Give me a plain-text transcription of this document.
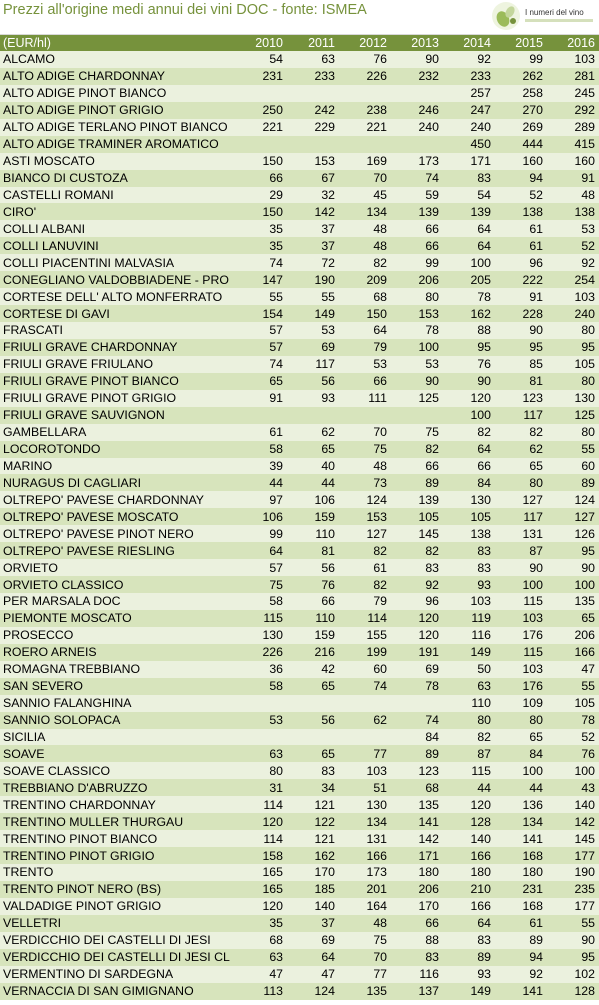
Prezzi all'origine medi annui dei vini DOC - fonte: ISMEA	I numeri del vino
(EUR/hl)	2010	2011	2012	2013	2014	2015	2016
ALCAMO	54	63	76	90	92	99	103
ALTO ADIGE CHARDONNAY	231	233	226	232	233	262	281
ALTO ADIGE PINOT BIANCO					257	258	245
ALTO ADIGE PINOT GRIGIO	250	242	238	246	247	270	292
ALTO ADIGE TERLANO PINOT BIANCO	221	229	221	240	240	269	289
ALTO ADIGE TRAMINER AROMATICO					450	444	415
ASTI MOSCATO	150	153	169	173	171	160	160
BIANCO DI CUSTOZA	66	67	70	74	83	94	91
CASTELLI ROMANI	29	32	45	59	54	52	48
CIRO'	150	142	134	139	139	138	138
COLLI ALBANI	35	37	48	66	64	61	53
COLLI LANUVINI	35	37	48	66	64	61	52
COLLI PIACENTINI MALVASIA	74	72	82	99	100	96	92
CONEGLIANO VALDOBBIADENE - PRO	147	190	209	206	205	222	254
CORTESE DELL' ALTO MONFERRATO	55	55	68	80	78	91	103
CORTESE DI GAVI	154	149	150	153	162	228	240
FRASCATI	57	53	64	78	88	90	80
FRIULI GRAVE CHARDONNAY	57	69	79	100	95	95	95
FRIULI GRAVE FRIULANO	74	117	53	53	76	85	105
FRIULI GRAVE PINOT BIANCO	65	56	66	90	90	81	80
FRIULI GRAVE PINOT GRIGIO	91	93	111	125	120	123	130
FRIULI GRAVE SAUVIGNON					100	117	125
GAMBELLARA	61	62	70	75	82	82	80
LOCOROTONDO	58	65	75	82	64	62	55
MARINO	39	40	48	66	66	65	60
NURAGUS DI CAGLIARI	44	44	73	89	84	80	89
OLTREPO' PAVESE CHARDONNAY	97	106	124	139	130	127	124
OLTREPO' PAVESE MOSCATO	106	159	153	105	105	117	127
OLTREPO' PAVESE PINOT NERO	99	110	127	145	138	131	126
OLTREPO' PAVESE RIESLING	64	81	82	82	83	87	95
ORVIETO	57	56	61	83	83	90	90
ORVIETO CLASSICO	75	76	82	92	93	100	100
PER MARSALA DOC	58	66	79	96	103	115	135
PIEMONTE MOSCATO	115	110	114	120	119	103	65
PROSECCO	130	159	155	120	116	176	206
ROERO ARNEIS	226	216	199	191	149	115	166
ROMAGNA TREBBIANO	36	42	60	69	50	103	47
SAN SEVERO	58	65	74	78	63	176	55
SANNIO FALANGHINA					110	109	105
SANNIO SOLOPACA	53	56	62	74	80	80	78
SICILIA				84	82	65	52
SOAVE	63	65	77	89	87	84	76
SOAVE CLASSICO	80	83	103	123	115	100	100
TREBBIANO D'ABRUZZO	31	34	51	68	44	44	43
TRENTINO CHARDONNAY	114	121	130	135	120	136	140
TRENTINO MULLER THURGAU	120	122	134	141	128	134	142
TRENTINO PINOT BIANCO	114	121	131	142	140	141	145
TRENTINO PINOT GRIGIO	158	162	166	171	166	168	177
TRENTO	165	170	173	180	180	180	190
TRENTO PINOT NERO (BS)	165	185	201	206	210	231	235
VALDADIGE PINOT GRIGIO	120	140	164	170	166	168	177
VELLETRI	35	37	48	66	64	61	55
VERDICCHIO DEI CASTELLI DI JESI	68	69	75	88	83	89	90
VERDICCHIO DEI CASTELLI DI JESI CL	63	64	70	83	89	94	95
VERMENTINO DI SARDEGNA	47	47	77	116	93	92	102
VERNACCIA DI SAN GIMIGNANO	113	124	135	137	149	141	128
